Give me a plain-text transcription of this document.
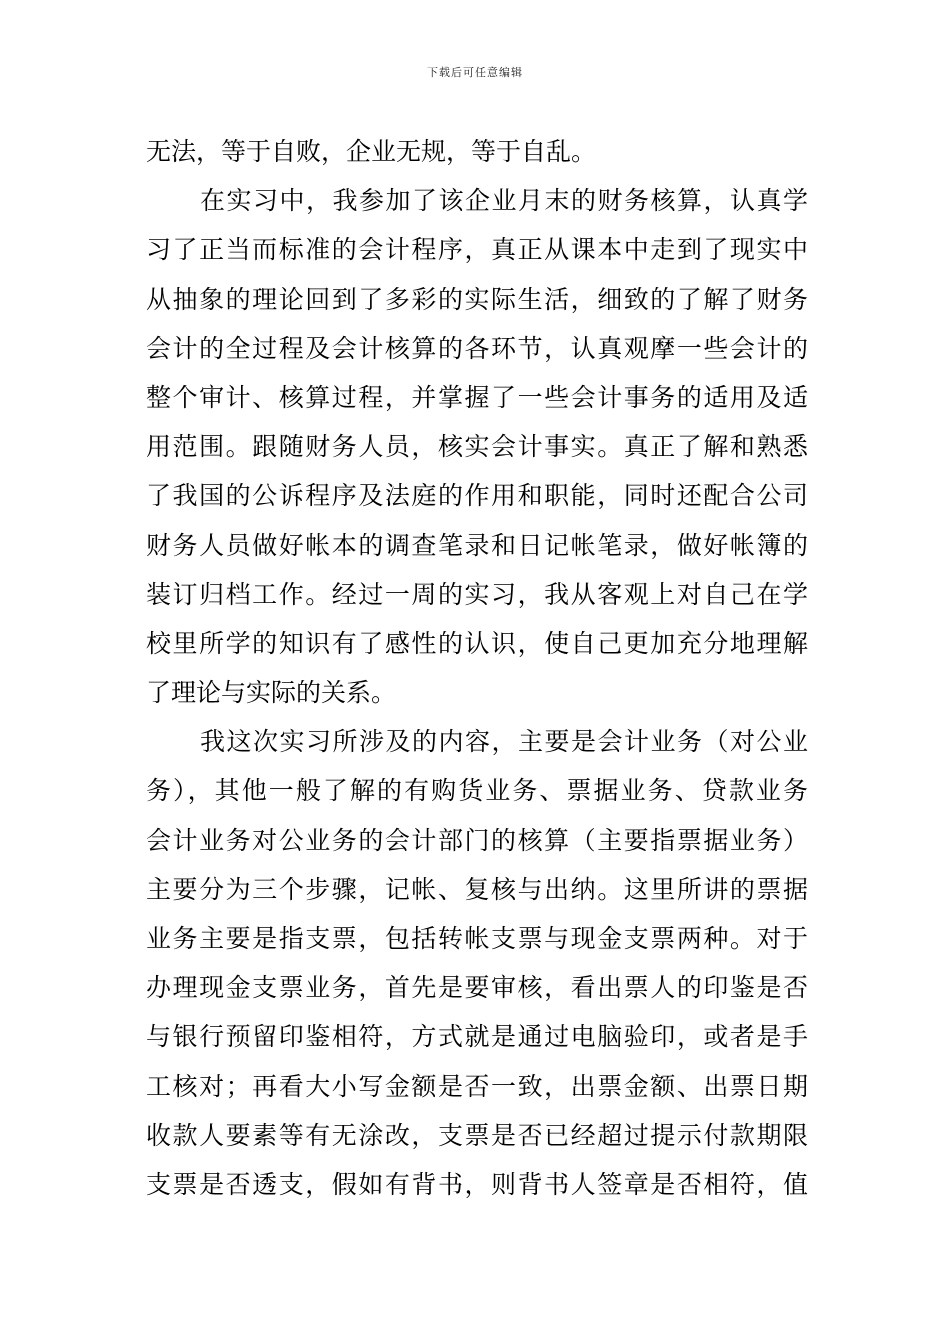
下载后可任意编辑
无法，等于自败，企业无规，等于自乱。
在实习中，我参加了该企业月末的财务核算，认真学
习了正当而标准的会计程序，真正从课本中走到了现实中
从抽象的理论回到了多彩的实际生活，细致的了解了财务
会计的全过程及会计核算的各环节，认真观摩一些会计的
整个审计、核算过程，并掌握了一些会计事务的适用及适
用范围。跟随财务人员，核实会计事实。真正了解和熟悉
了我国的公诉程序及法庭的作用和职能，同时还配合公司
财务人员做好帐本的调查笔录和日记帐笔录，做好帐簿的
装订归档工作。经过一周的实习，我从客观上对自己在学
校里所学的知识有了感性的认识，使自己更加充分地理解
了理论与实际的关系。
我这次实习所涉及的内容，主要是会计业务（对公业
务），其他一般了解的有购货业务、票据业务、贷款业务
会计业务对公业务的会计部门的核算（主要指票据业务）
主要分为三个步骤，记帐、复核与出纳。这里所讲的票据
业务主要是指支票，包括转帐支票与现金支票两种。对于
办理现金支票业务，首先是要审核，看出票人的印鉴是否
与银行预留印鉴相符，方式就是通过电脑验印，或者是手
工核对；再看大小写金额是否一致，出票金额、出票日期
收款人要素等有无涂改，支票是否已经超过提示付款期限
支票是否透支，假如有背书，则背书人签章是否相符，值
